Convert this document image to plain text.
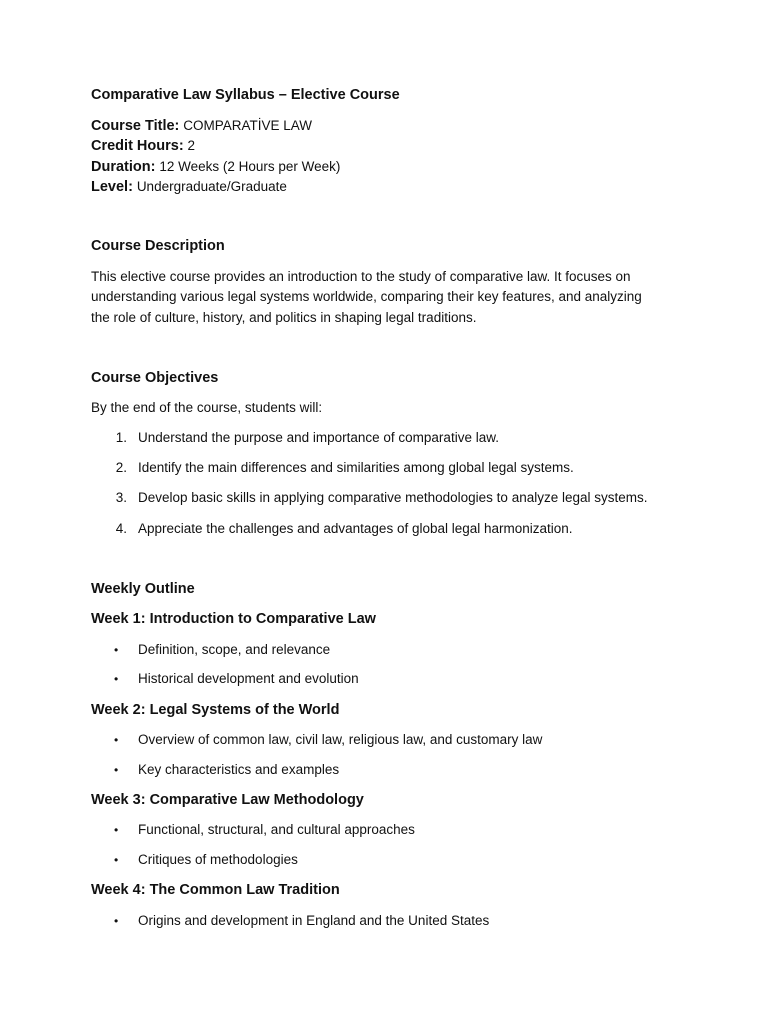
Comparative Law Syllabus – Elective Course
Course Title: COMPARATİVE LAW
Credit Hours: 2
Duration: 12 Weeks (2 Hours per Week)
Level: Undergraduate/Graduate
Course Description
This elective course provides an introduction to the study of comparative law. It focuses on
understanding various legal systems worldwide, comparing their key features, and analyzing
the role of culture, history, and politics in shaping legal traditions.
Course Objectives
By the end of the course, students will:
1. Understand the purpose and importance of comparative law.
2. Identify the main differences and similarities among global legal systems.
3. Develop basic skills in applying comparative methodologies to analyze legal systems.
4. Appreciate the challenges and advantages of global legal harmonization.
Weekly Outline
Week 1: Introduction to Comparative Law
• Definition, scope, and relevance
• Historical development and evolution
Week 2: Legal Systems of the World
• Overview of common law, civil law, religious law, and customary law
• Key characteristics and examples
Week 3: Comparative Law Methodology
• Functional, structural, and cultural approaches
• Critiques of methodologies
Week 4: The Common Law Tradition
• Origins and development in England and the United States
